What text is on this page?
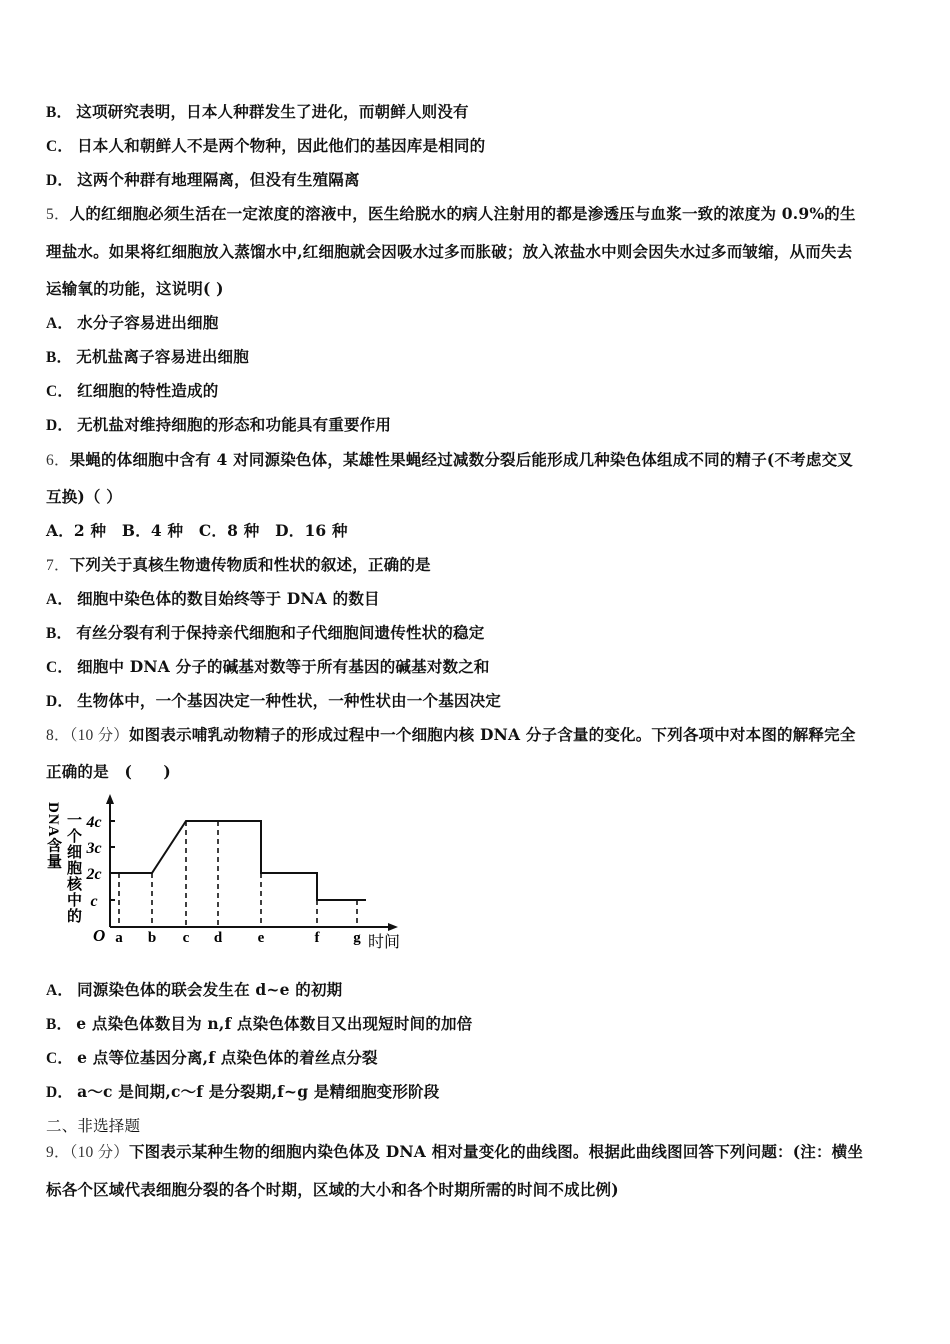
B． 这项研究表明，日本人种群发生了进化，而朝鲜人则没有
C． 日本人和朝鲜人不是两个物种，因此他们的基因库是相同的
D． 这两个种群有地理隔离，但没有生殖隔离
5．人的红细胞必须生活在一定浓度的溶液中，医生给脱水的病人注射用的都是渗透压与血浆一致的浓度为 0.9%的生
理盐水。如果将红细胞放入蒸馏水中,红细胞就会因吸水过多而胀破；放入浓盐水中则会因失水过多而皱缩，从而失去
运输氧的功能，这说明( )
A． 水分子容易进出细胞
B． 无机盐离子容易进出细胞
C． 红细胞的特性造成的
D． 无机盐对维持细胞的形态和功能具有重要作用
6．果蝇的体细胞中含有 4 对同源染色体，某雄性果蝇经过减数分裂后能形成几种染色体组成不同的精子(不考虑交叉
互换)（ ）
A．2 种　B．4 种　C．8 种　D．16 种
7．下列关于真核生物遗传物质和性状的叙述，正确的是
A． 细胞中染色体的数目始终等于 DNA 的数目
B． 有丝分裂有利于保持亲代细胞和子代细胞间遗传性状的稳定
C． 细胞中 DNA 分子的碱基对数等于所有基因的碱基对数之和
D． 生物体中，一个基因决定一种性状，一种性状由一个基因决定
8．（10 分）如图表示哺乳动物精子的形成过程中一个细胞内核 DNA 分子含量的变化。下列各项中对本图的解释完全
正确的是　(　　)
一个细胞核中的
DNA含量
c
2c
3c
4c
O a b c d e	f g 时间
A． 同源染色体的联会发生在 d~e 的初期
B． e 点染色体数目为 n,f 点染色体数目又出现短时间的加倍
C． e 点等位基因分离,f 点染色体的着丝点分裂
D． a～c 是间期,c～f 是分裂期,f~g 是精细胞变形阶段
二、非选择题
9．（10 分）下图表示某种生物的细胞内染色体及 DNA 相对量变化的曲线图。根据此曲线图回答下列问题：(注：横坐
标各个区域代表细胞分裂的各个时期，区域的大小和各个时期所需的时间不成比例)
